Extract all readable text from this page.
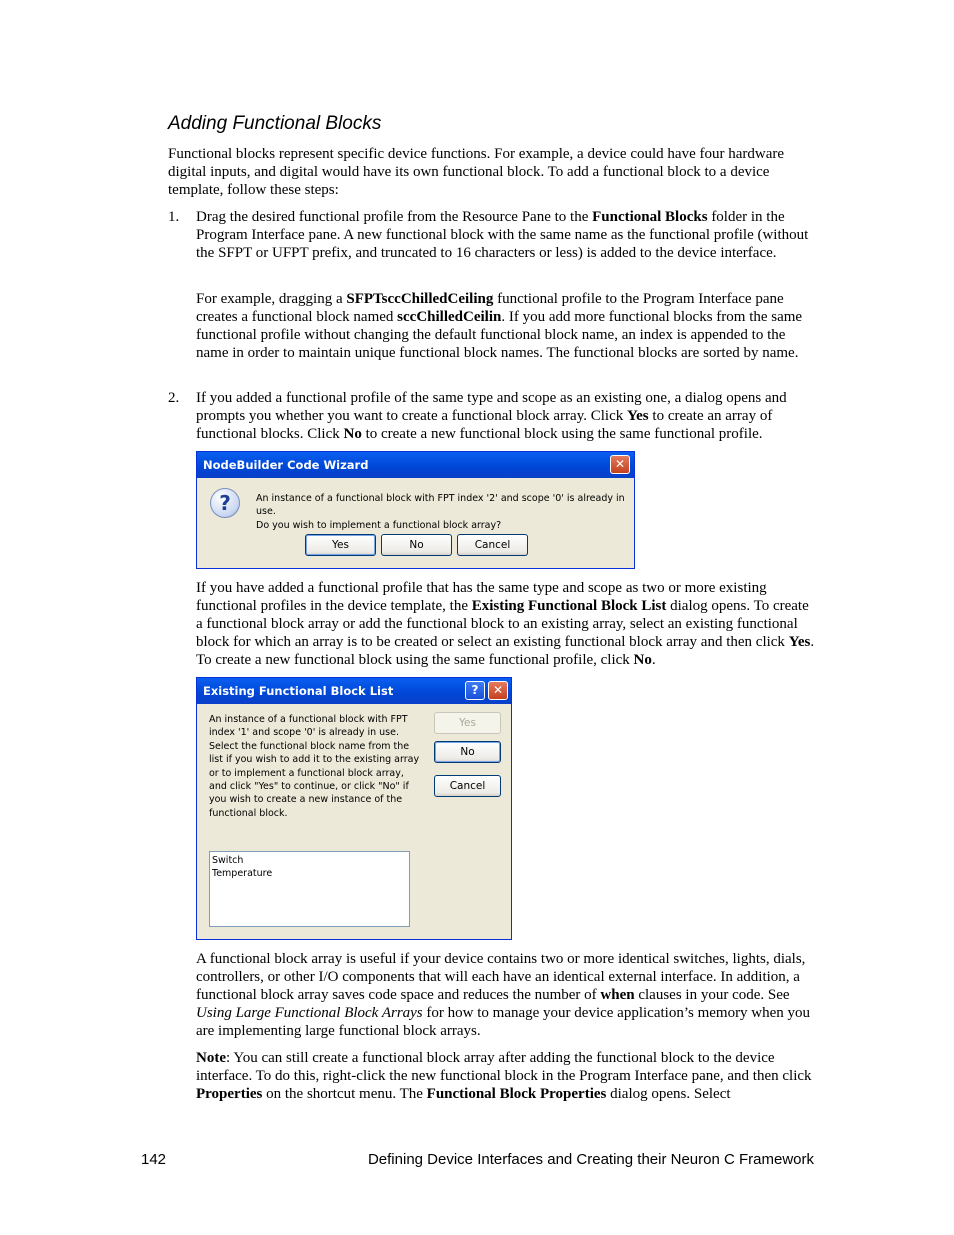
Adding Functional Blocks
Functional blocks represent specific device functions. For example, a device could have four hardware digital inputs, and digital would have its own functional block. To add a functional block to a device template, follow these steps:
1. Drag the desired functional profile from the Resource Pane to the Functional Blocks folder in the Program Interface pane. A new functional block with the same name as the functional profile (without the SFPT or UFPT prefix, and truncated to 16 characters or less) is added to the device interface.
For example, dragging a SFPTsccChilledCeiling functional profile to the Program Interface pane creates a functional block named sccChilledCeilin. If you add more functional blocks from the same functional profile without changing the default functional block name, an index is appended to the name in order to maintain unique functional block names. The functional blocks are sorted by name.
2. If you added a functional profile of the same type and scope as an existing one, a dialog opens and prompts you whether you want to create a functional block array. Click Yes to create an array of functional blocks. Click No to create a new functional block using the same functional profile.
NodeBuilder Code Wizard	✕
?	An instance of a functional block with FPT index '2' and scope '0' is already in use.
Do you wish to implement a functional block array?
Yes	No	Cancel
If you have added a functional profile that has the same type and scope as two or more existing functional profiles in the device template, the Existing Functional Block List dialog opens. To create a functional block array or add the functional block to an existing array, select an existing functional block for which an array is to be created or select an existing functional block array and then click Yes. To create a new functional block using the same functional profile, click No.
Existing Functional Block List	?	✕
An instance of a functional block with FPT
index '1' and scope '0' is already in use.
Select the functional block name from the
list if you wish to add it to the existing array
or to implement a functional block array,
and click "Yes" to continue, or click "No" if
you wish to create a new instance of the
functional block.
Switch
Temperature
Yes
No
Cancel
A functional block array is useful if your device contains two or more identical switches, lights, dials, controllers, or other I/O components that will each have an identical external interface. In addition, a functional block array saves code space and reduces the number of when clauses in your code. See Using Large Functional Block Arrays for how to manage your device application’s memory when you are implementing large functional block arrays.
Note: You can still create a functional block array after adding the functional block to the device interface. To do this, right-click the new functional block in the Program Interface pane, and then click Properties on the shortcut menu. The Functional Block Properties dialog opens. Select
142	Defining Device Interfaces and Creating their Neuron C Framework
